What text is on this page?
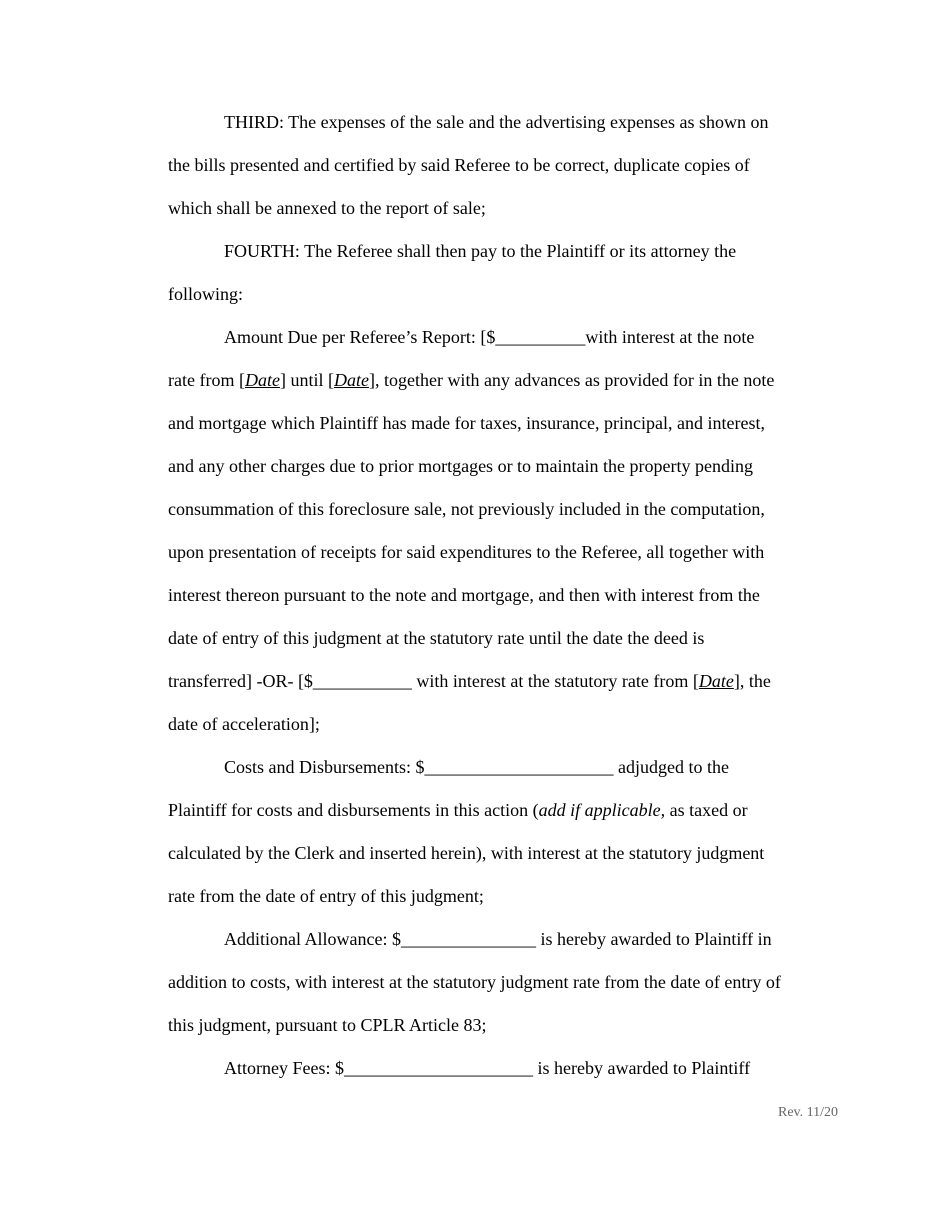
THIRD: The expenses of the sale and the advertising expenses as shown on the bills presented and certified by said Referee to be correct, duplicate copies of which shall be annexed to the report of sale;

FOURTH: The Referee shall then pay to the Plaintiff or its attorney the following:

Amount Due per Referee’s Report: [$__________with interest at the note rate from [Date] until [Date], together with any advances as provided for in the note and mortgage which Plaintiff has made for taxes, insurance, principal, and interest, and any other charges due to prior mortgages or to maintain the property pending consummation of this foreclosure sale, not previously included in the computation, upon presentation of receipts for said expenditures to the Referee, all together with interest thereon pursuant to the note and mortgage, and then with interest from the date of entry of this judgment at the statutory rate until the date the deed is transferred] -OR- [$___________ with interest at the statutory rate from [Date], the date of acceleration];

Costs and Disbursements: $_____________________ adjudged to the Plaintiff for costs and disbursements in this action (add if applicable, as taxed or calculated by the Clerk and inserted herein), with interest at the statutory judgment rate from the date of entry of this judgment;

Additional Allowance: $_______________ is hereby awarded to Plaintiff in addition to costs, with interest at the statutory judgment rate from the date of entry of this judgment, pursuant to CPLR Article 83;

Attorney Fees: $_____________________ is hereby awarded to Plaintiff

Rev. 11/20
